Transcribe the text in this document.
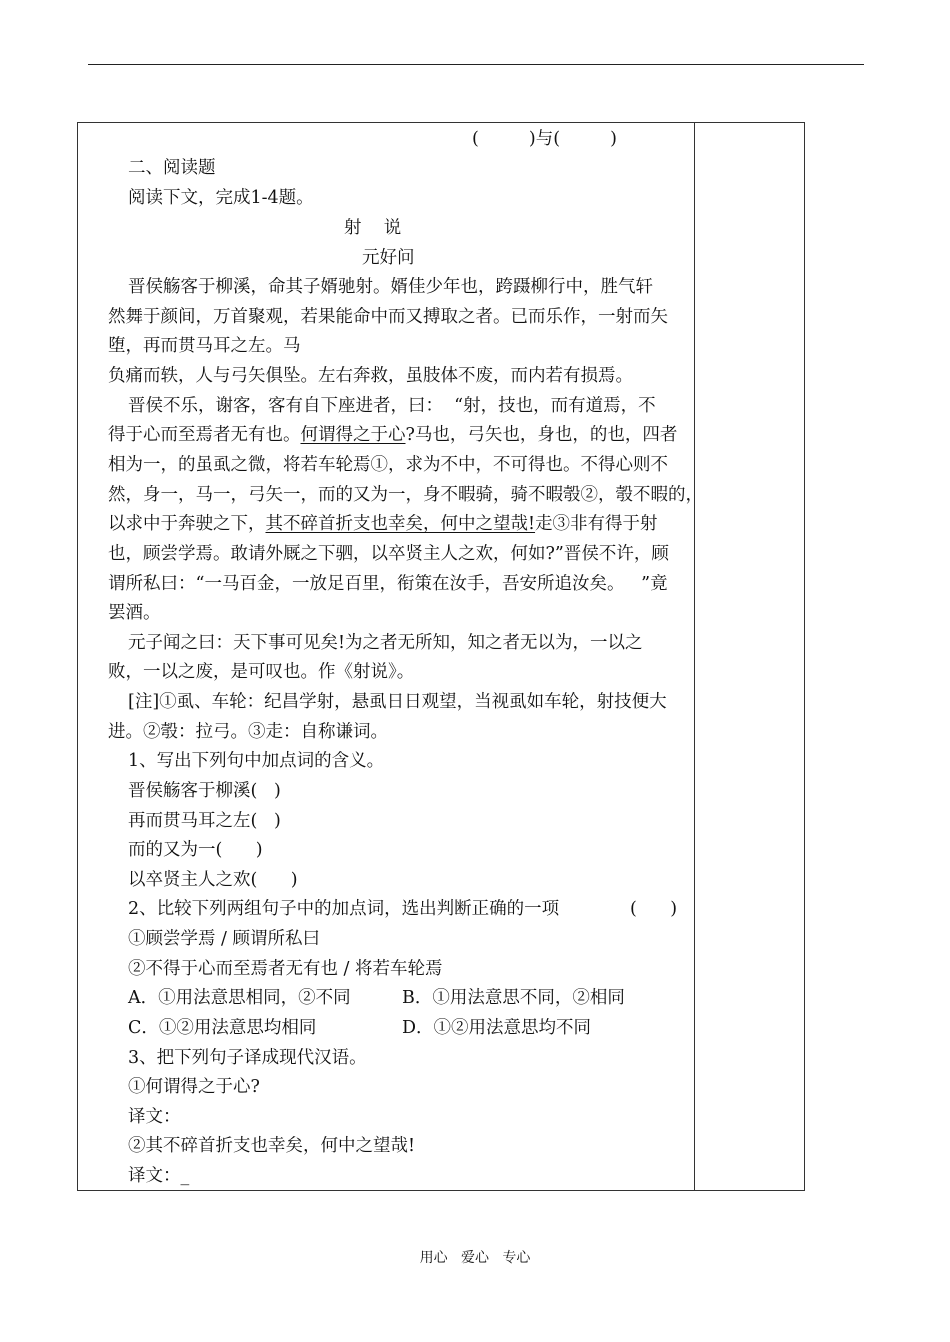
(         )与(         )
二、阅读题
阅读下文，完成1-4题。
射    说
元好问
晋侯觞客于柳溪，命其子婿驰射。婿佳少年也，跨蹑柳行中，胜气轩
然舞于颜间，万首聚观，若果能命中而又搏取之者。已而乐作，一射而矢
堕，再而贯马耳之左。马
负痛而轶，人与弓矢俱坠。左右奔救，虽肢体不废，而内若有损焉。
晋侯不乐，谢客，客有自下座进者，曰：  “射，技也，而有道焉，不
得于心而至焉者无有也。何谓得之于心?马也，弓矢也，身也，的也，四者
相为一，的虽虱之微，将若车轮焉①，求为不中，不可得也。不得心则不
然，身一，马一，弓矢一，而的又为一，身不暇骑，骑不暇彀②，彀不暇的，
以求中于奔驶之下，其不碎首折支也幸矣，何中之望哉!走③非有得于射
也，顾尝学焉。敢请外厩之下驷，以卒贤主人之欢，何如?”晋侯不许，顾
谓所私曰：“一马百金，一放足百里，衔策在汝手，吾安所追汝矣。   ”竟
罢酒。
元子闻之曰：天下事可见矣!为之者无所知，知之者无以为，一以之
败，一以之废，是可叹也。作《射说》。
[注]①虱、车轮：纪昌学射，悬虱日日观望，当视虱如车轮，射技便大
进。②彀：拉弓。③走：自称谦词。
1、写出下列句中加点词的含义。
晋侯觞客于柳溪(   )
再而贯马耳之左(   )
而的又为一(      )
以卒贤主人之欢(      )
2、比较下列两组句子中的加点词，选出判断正确的一项	(      )
①顾尝学焉 / 顾谓所私曰
②不得于心而至焉者无有也 / 将若车轮焉
A．①用法意思相同，②不同	B．①用法意思不同，②相同
C．①②用法意思均相同	D．①②用法意思均不同
3、把下列句子译成现代汉语。
①何谓得之于心?
译文：
②其不碎首折支也幸矣，何中之望哉!
译文：_
用心   爱心   专心
